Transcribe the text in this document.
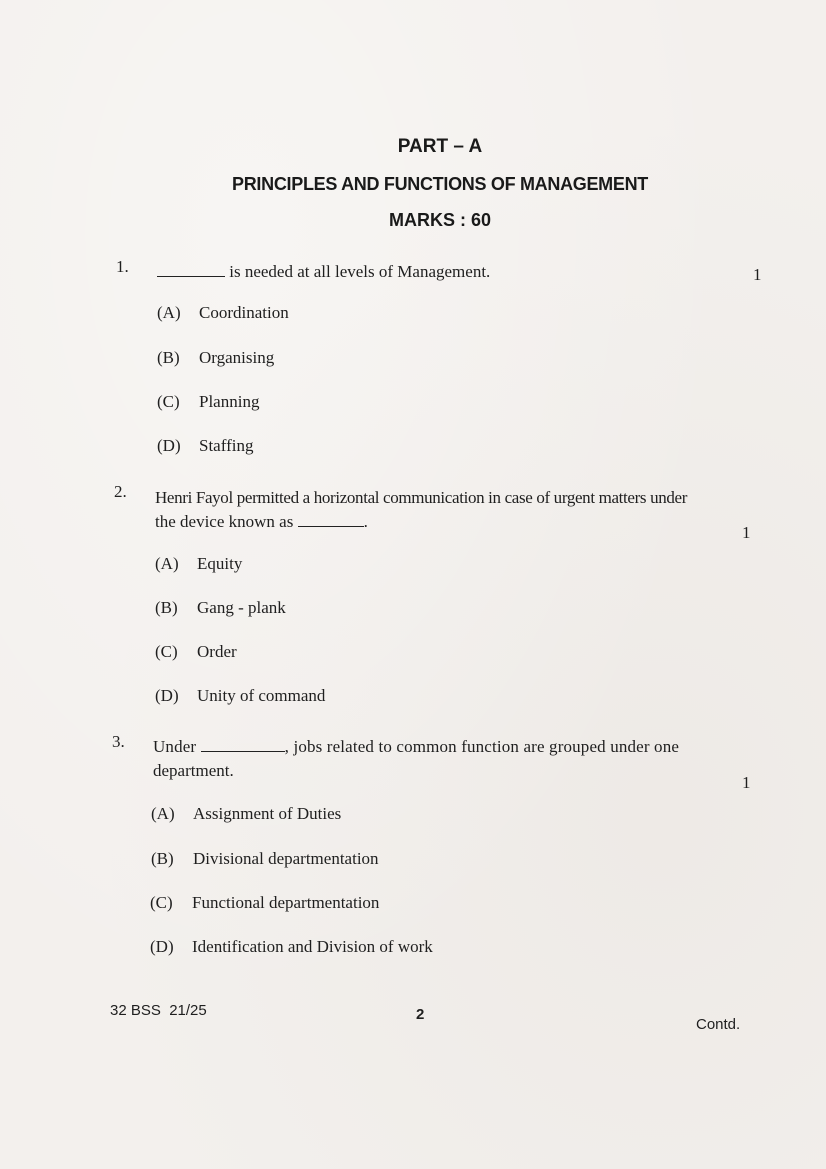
PART – A
PRINCIPLES AND FUNCTIONS OF MANAGEMENT
MARKS : 60
1.	is needed at all levels of Management.	1
(A) Coordination
(B) Organising
(C) Planning
(D) Staffing
2. Henri Fayol permitted a horizontal communication in case of urgent matters under
the device known as	.
1
(A) Equity
(B) Gang - plank
(C) Order
(D) Unity of command
3. Under	, jobs related to common function are grouped under one
department.
1
(A) Assignment of Duties
(B) Divisional departmentation
(C) Functional departmentation
(D) Identification and Division of work
32 BSS  21/25	2
Contd.
